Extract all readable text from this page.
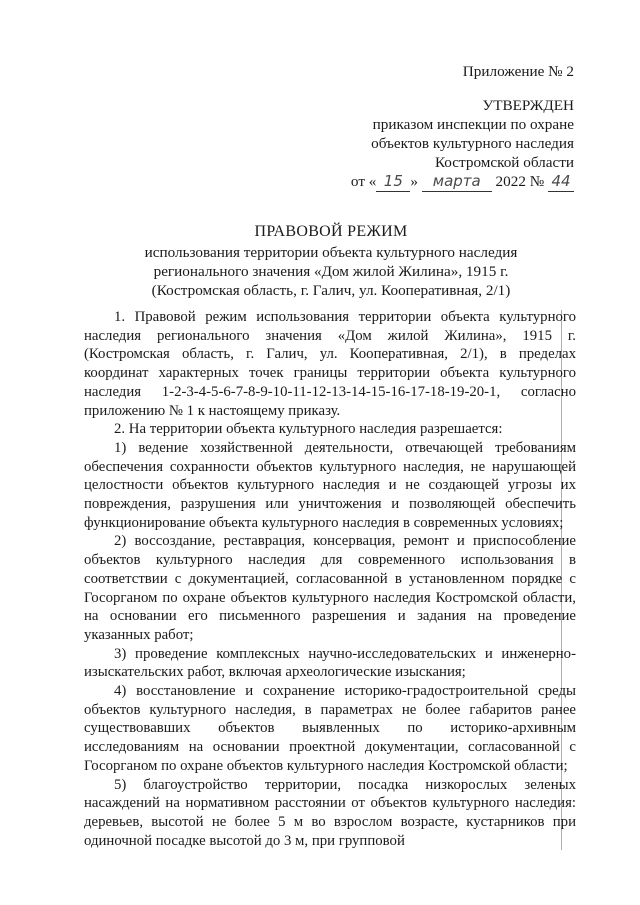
Приложение № 2
УТВЕРЖДЕН
приказом инспекции по охране
объектов культурного наследия
Костромской области
от « 15 » марта 2022 № 44
ПРАВОВОЙ РЕЖИМ
использования территории объекта культурного наследия
регионального значения «Дом жилой Жилина», 1915 г.
(Костромская область, г. Галич, ул. Кооперативная, 2/1)

1. Правовой режим использования территории объекта культурного наследия регионального значения «Дом жилой Жилина», 1915 г. (Костромская область, г. Галич, ул. Кооперативная, 2/1), в пределах координат характерных точек границы территории объекта культурного наследия 1-2-3-4-5-6-7-8-9-10-11-12-13-14-15-16-17-18-19-20-1, согласно приложению № 1 к настоящему приказу.

2. На территории объекта культурного наследия разрешается:

1) ведение хозяйственной деятельности, отвечающей требованиям обеспечения сохранности объектов культурного наследия, не нарушающей целостности объектов культурного наследия и не создающей угрозы их повреждения, разрушения или уничтожения и позволяющей обеспечить функционирование объекта культурного наследия в современных условиях;

2) воссоздание, реставрация, консервация, ремонт и приспособление объектов культурного наследия для современного использования в соответствии с документацией, согласованной в установленном порядке с Госорганом по охране объектов культурного наследия Костромской области, на основании его письменного разрешения и задания на проведение указанных работ;

3) проведение комплексных научно-исследовательских и инженерно-изыскательских работ, включая археологические изыскания;

4) восстановление и сохранение историко-градостроительной среды объектов культурного наследия, в параметрах не более габаритов ранее существовавших объектов выявленных по историко-архивным исследованиям на основании проектной документации, согласованной с Госорганом по охране объектов культурного наследия Костромской области;

5) благоустройство территории, посадка низкорослых зеленых насаждений на нормативном расстоянии от объектов культурного наследия: деревьев, высотой не более 5 м во взрослом возрасте, кустарников при одиночной посадке высотой до 3 м, при групповой
